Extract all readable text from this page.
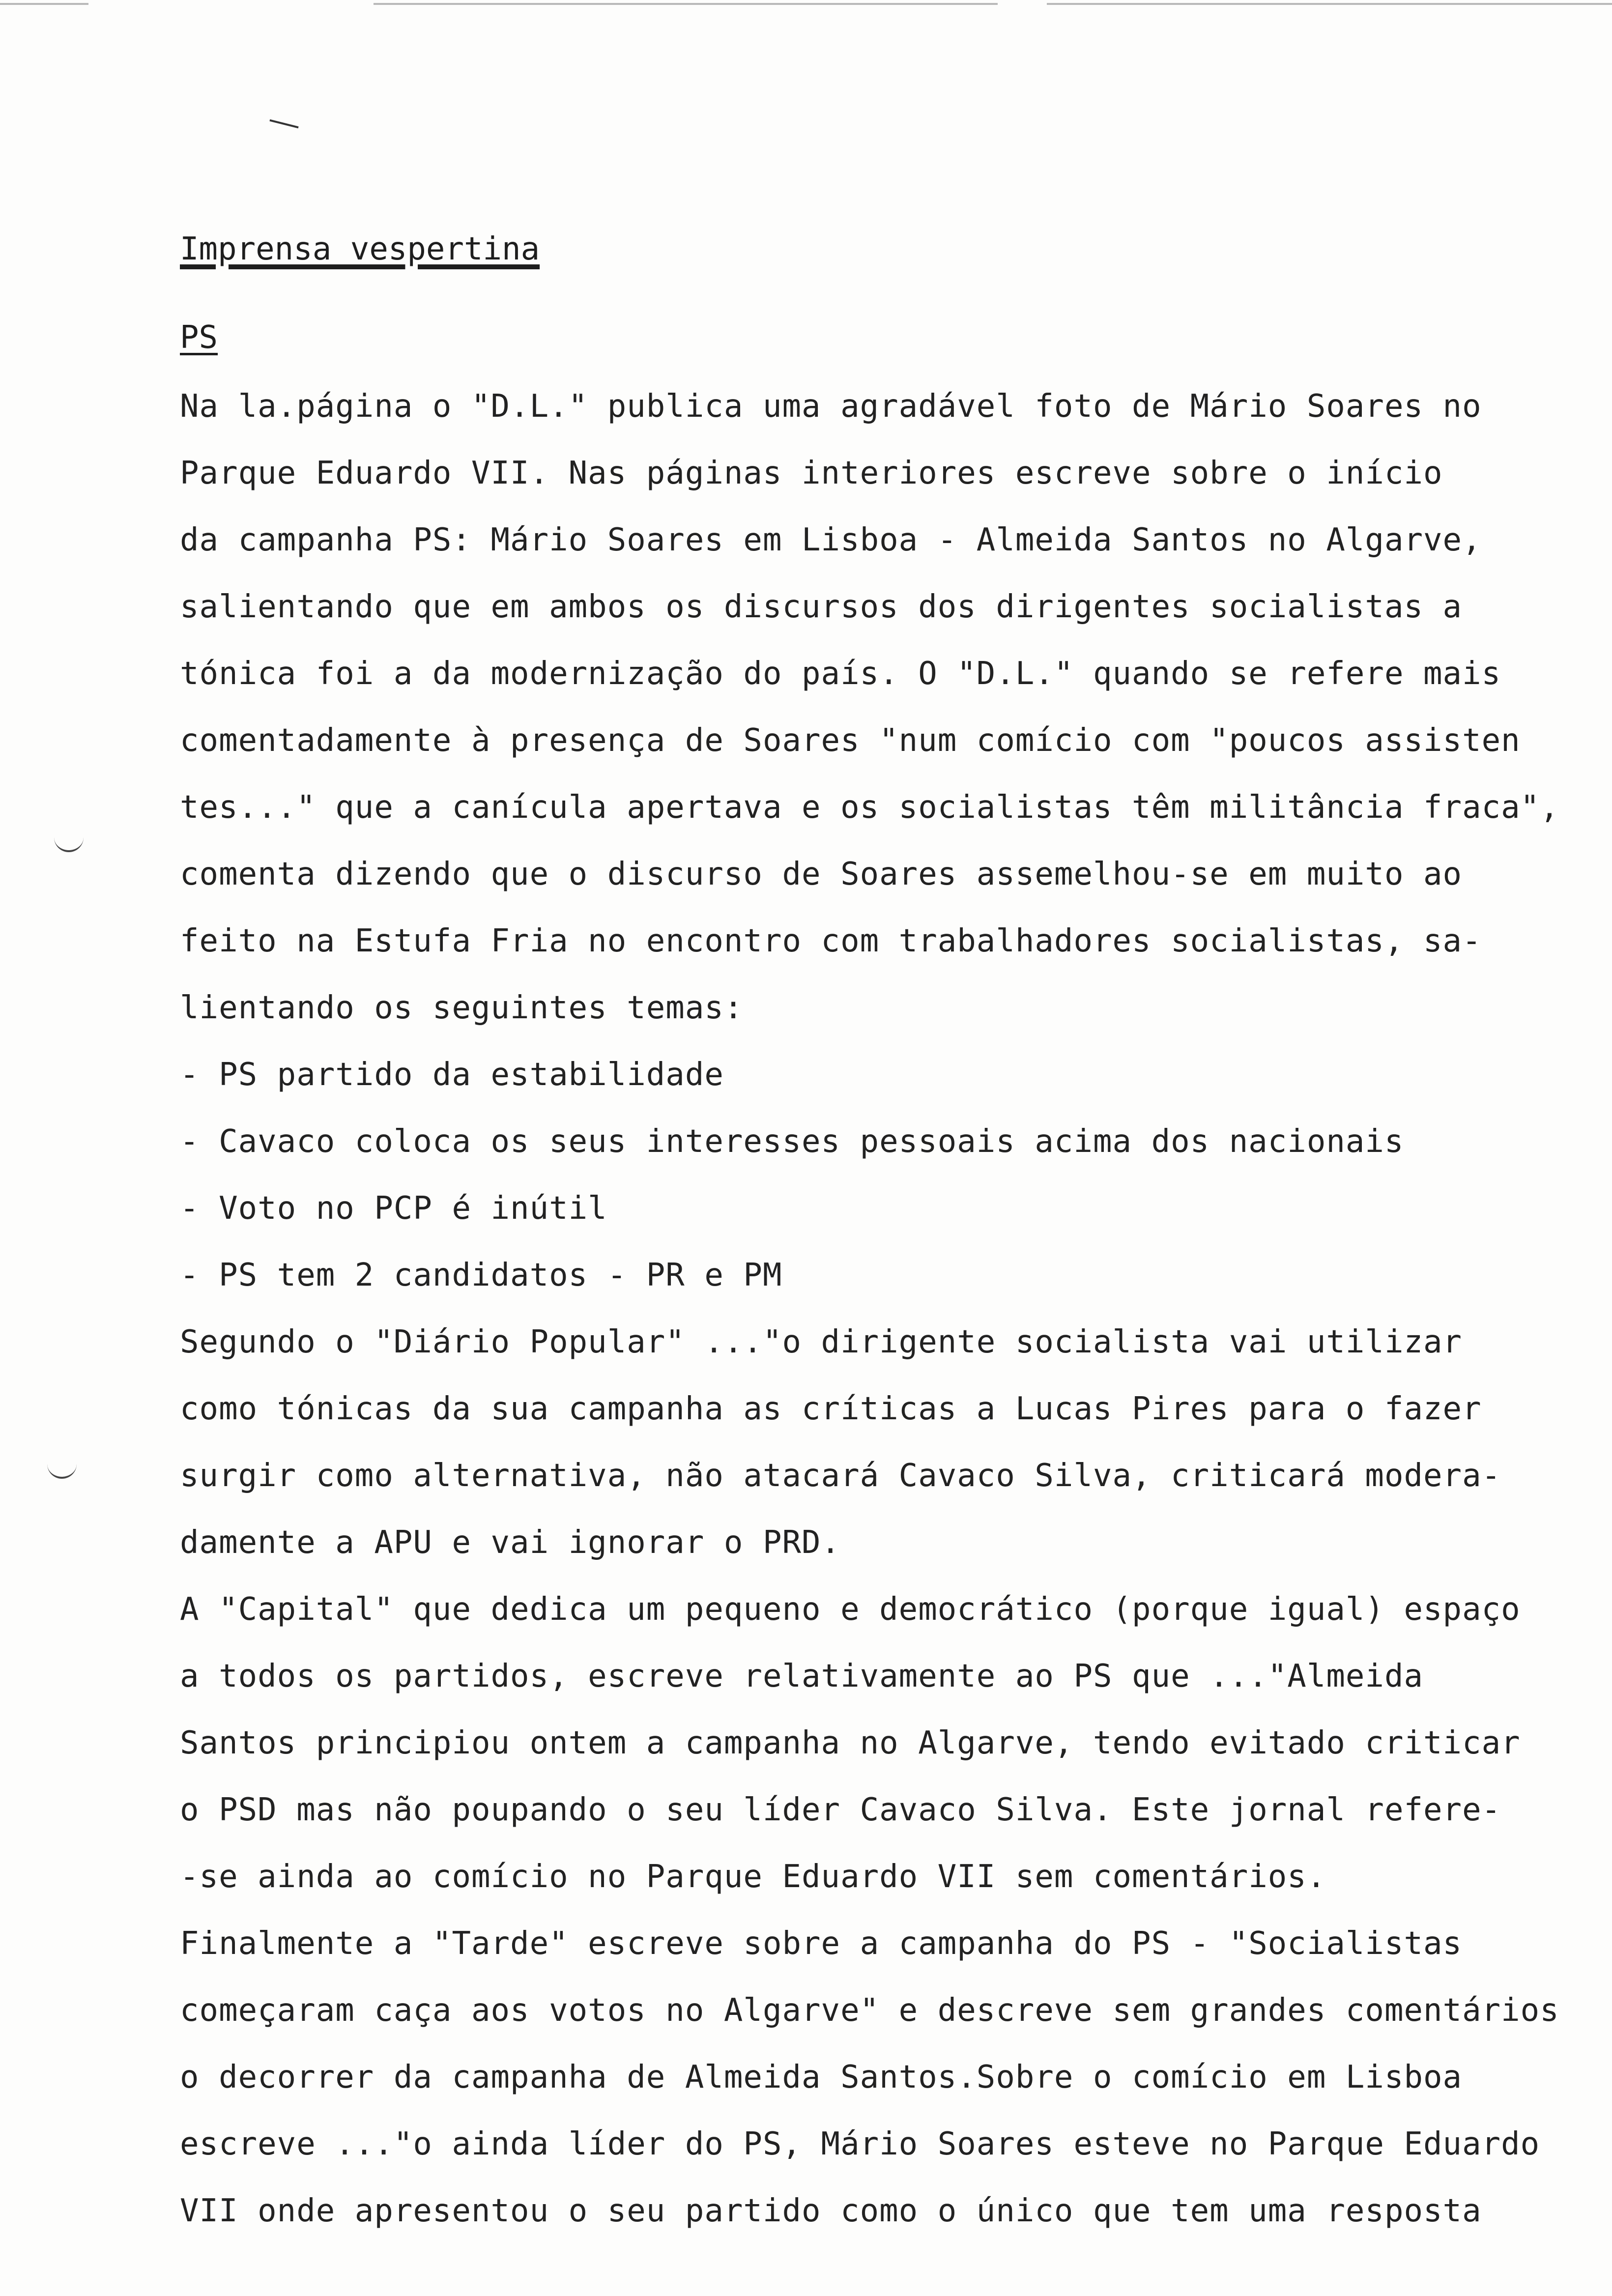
Imprensa vespertina
PS
Na la.página o "D.L." publica uma agradável foto de Mário Soares no
Parque Eduardo VII. Nas páginas interiores escreve sobre o início
da campanha PS: Mário Soares em Lisboa - Almeida Santos no Algarve,
salientando que em ambos os discursos dos dirigentes socialistas a
tónica foi a da modernização do país. O "D.L." quando se refere mais
comentadamente à presença de Soares "num comício com "poucos assisten
tes..." que a canícula apertava e os socialistas têm militância fraca",
comenta dizendo que o discurso de Soares assemelhou-se em muito ao
feito na Estufa Fria no encontro com trabalhadores socialistas, sa-
lientando os seguintes temas:
- PS partido da estabilidade
- Cavaco coloca os seus interesses pessoais acima dos nacionais
- Voto no PCP é inútil
- PS tem 2 candidatos - PR e PM
Segundo o "Diário Popular" ..."o dirigente socialista vai utilizar
como tónicas da sua campanha as críticas a Lucas Pires para o fazer
surgir como alternativa, não atacará Cavaco Silva, criticará modera-
damente a APU e vai ignorar o PRD.
A "Capital" que dedica um pequeno e democrático (porque igual) espaço
a todos os partidos, escreve relativamente ao PS que ..."Almeida
Santos principiou ontem a campanha no Algarve, tendo evitado criticar
o PSD mas não poupando o seu líder Cavaco Silva. Este jornal refere-
-se ainda ao comício no Parque Eduardo VII sem comentários.
Finalmente a "Tarde" escreve sobre a campanha do PS - "Socialistas
começaram caça aos votos no Algarve" e descreve sem grandes comentários
o decorrer da campanha de Almeida Santos.Sobre o comício em Lisboa
escreve ..."o ainda líder do PS, Mário Soares esteve no Parque Eduardo
VII onde apresentou o seu partido como o único que tem uma resposta
